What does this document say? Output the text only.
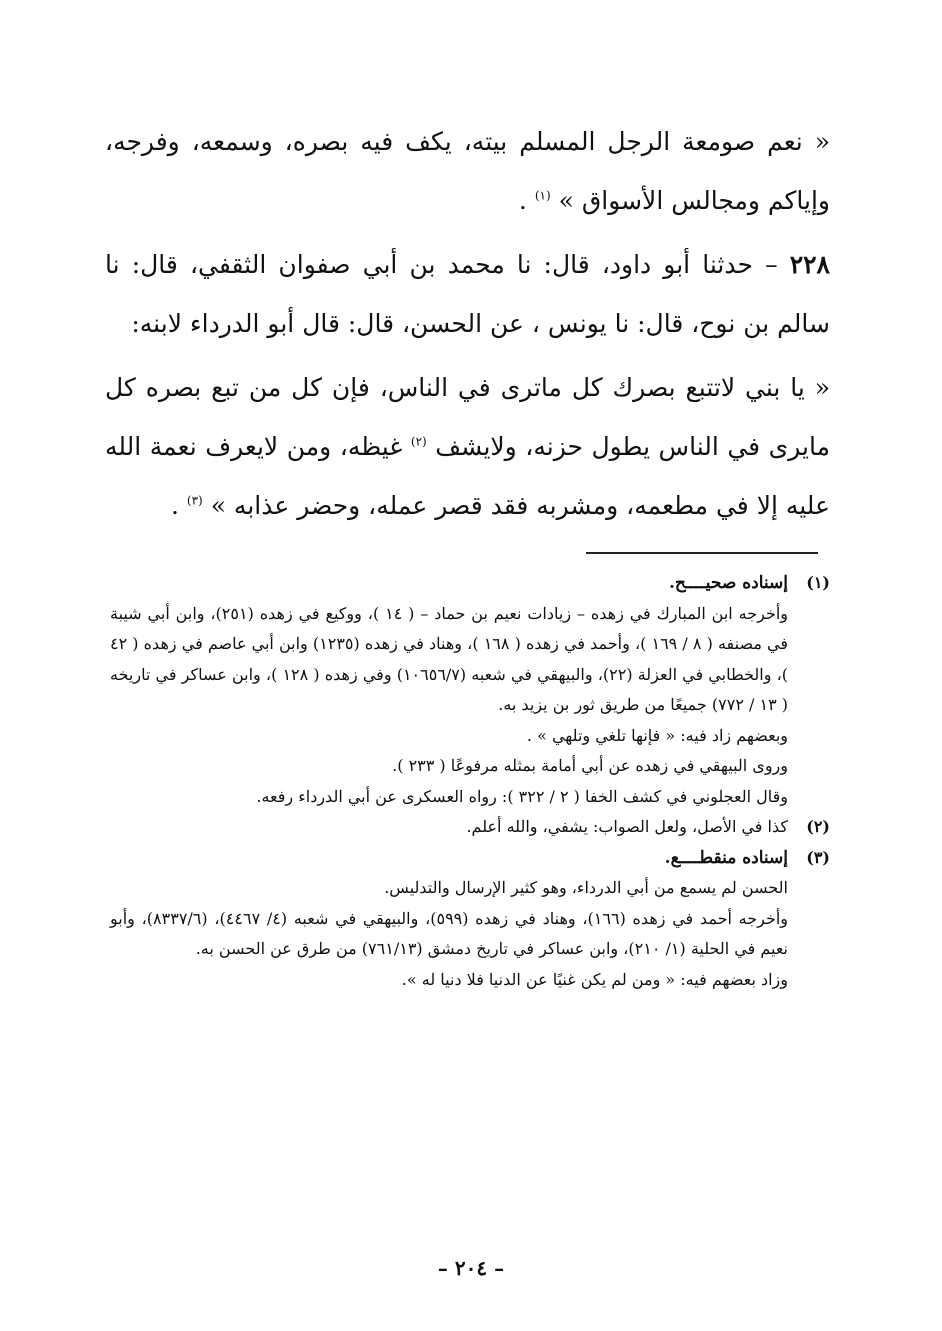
« نعم صومعة الرجل المسلم بيته، يكف فيه بصره، وسمعه، وفرجه، وإياكم ومجالس الأسواق » $^{(١)}$ .

٢٢٨ – حدثنا أبو داود، قال: نا محمد بن أبي صفوان الثقفي، قال: نا سالم بن نوح، قال: نا يونس ، عن الحسن، قال: قال أبو الدرداء لابنه:

« يا بني لاتتبع بصرك كل ماترى في الناس، فإن كل من تبع بصره كل مايرى في الناس يطول حزنه، ولايشف $^{(٢)}$ غيظه، ومن لايعرف نعمة الله عليه إلا في مطعمه، ومشربه فقد قصر عمله، وحضر عذابه » $^{(٣)}$ .

(١)إسناده صحيــــح.

وأخرجه ابن المبارك في زهده – زيادات نعيم بن حماد – ( ١٤ )، ووكيع في زهده (٢٥١)، وابن أبي شيبة في مصنفه ( ٨ / ١٦٩ )، وأحمد في زهده ( ١٦٨ )، وهناد في زهده (١٢٣٥) وابن أبي عاصم في زهده ( ٤٢ )، والخطابي في العزلة (٢٢)، والبيهقي في شعبه (١٠٦٥٦/٧) وفي زهده ( ١٢٨ )، وابن عساكر في تاريخه ( ١٣ / ٧٧٢) جميعًا من طريق ثور بن يزيد به.

وبعضهم زاد فيه: « فإنها تلغي وتلهي » .

وروى البيهقي في زهده عن أبي أمامة بمثله مرفوعًا ( ٢٣٣ ).

وقال العجلوني في كشف الخفا ( ٢ / ٣٢٢ ): رواه العسكرى عن أبي الدرداء رفعه.

(٢)كذا في الأصل، ولعل الصواب: يشفي، والله أعلم.

(٣)إسناده منقطــــع.

الحسن لم يسمع من أبي الدرداء، وهو كثير الإرسال والتدليس.

وأخرجه أحمد في زهده (١٦٦)، وهناد في زهده (٥٩٩)، والبيهقي في شعبه (٤/ ٤٤٦٧)، (٨٣٣٧/٦)، وأبو نعيم في الحلية (١/ ٢١٠)، وابن عساكر في تاريخ دمشق (٧٦١/١٣) من طرق عن الحسن به.

وزاد بعضهم فيه: « ومن لم يكن غنيًا عن الدنيا فلا دنيا له ».

– ٢٠٤ –
